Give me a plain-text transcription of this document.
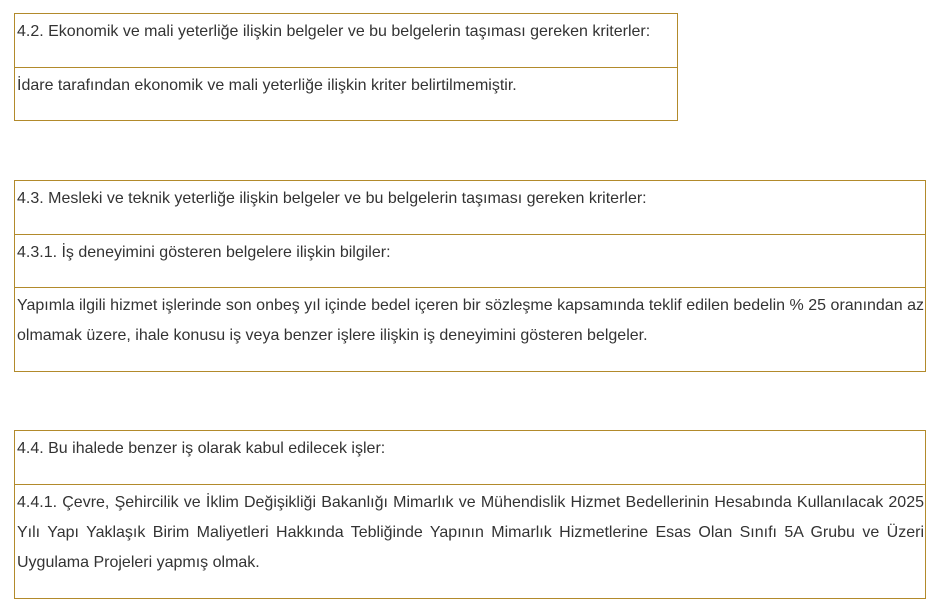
4.2. Ekonomik ve mali yeterliğe ilişkin belgeler ve bu belgelerin taşıması gereken kriterler:
İdare tarafından ekonomik ve mali yeterliğe ilişkin kriter belirtilmemiştir.
4.3. Mesleki ve teknik yeterliğe ilişkin belgeler ve bu belgelerin taşıması gereken kriterler:
4.3.1. İş deneyimini gösteren belgelere ilişkin bilgiler:
Yapımla ilgili hizmet işlerinde son onbeş yıl içinde bedel içeren bir sözleşme kapsamında teklif edilen bedelin % 25 oranından az olmamak üzere, ihale konusu iş veya benzer işlere ilişkin iş deneyimini gösteren belgeler.
4.4. Bu ihalede benzer iş olarak kabul edilecek işler:
4.4.1. Çevre, Şehircilik ve İklim Değişikliği Bakanlığı Mimarlık ve Mühendislik Hizmet Bedellerinin Hesabında Kullanılacak 2025 Yılı Yapı Yaklaşık Birim Maliyetleri Hakkında Tebliğinde Yapının Mimarlık Hizmetlerine Esas Olan Sınıfı 5A Grubu ve Üzeri Uygulama Projeleri yapmış olmak.
